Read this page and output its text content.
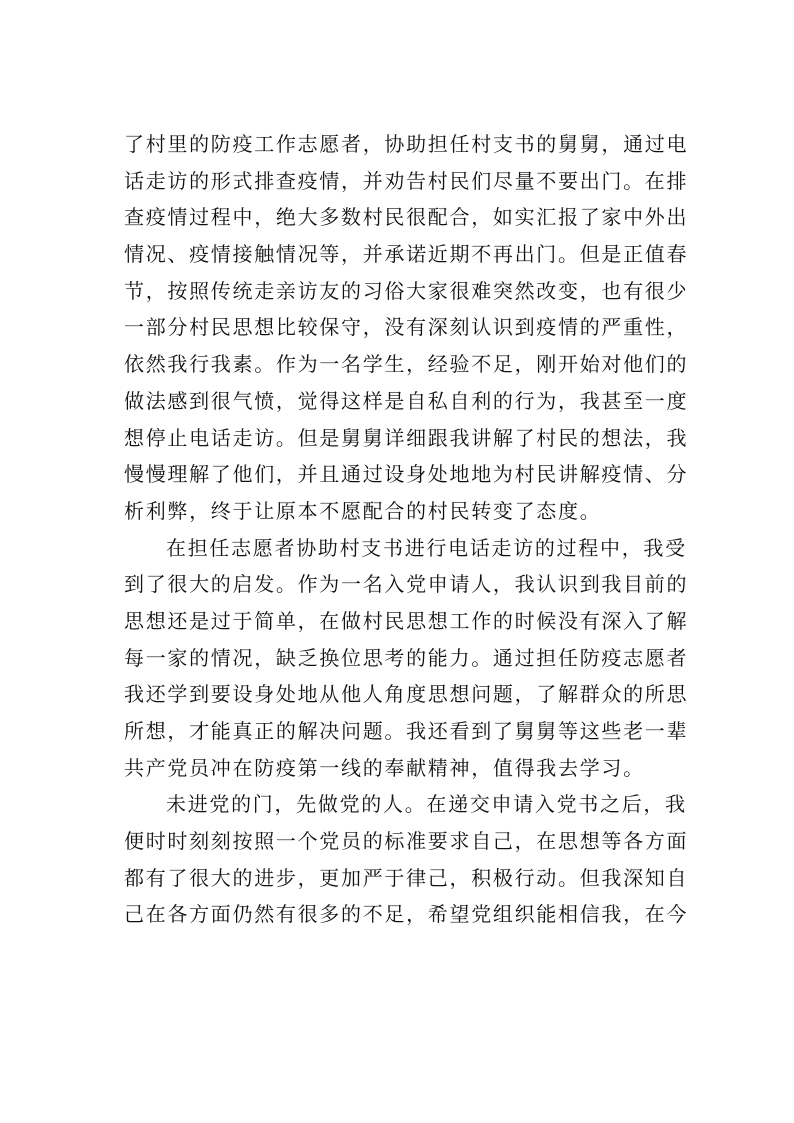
了村里的防疫工作志愿者，协助担任村支书的舅舅，通过电
话走访的形式排查疫情，并劝告村民们尽量不要出门。在排
查疫情过程中，绝大多数村民很配合，如实汇报了家中外出
情况、疫情接触情况等，并承诺近期不再出门。但是正值春
节，按照传统走亲访友的习俗大家很难突然改变，也有很少
一部分村民思想比较保守，没有深刻认识到疫情的严重性，
依然我行我素。作为一名学生，经验不足，刚开始对他们的
做法感到很气愤，觉得这样是自私自利的行为，我甚至一度
想停止电话走访。但是舅舅详细跟我讲解了村民的想法，我
慢慢理解了他们，并且通过设身处地地为村民讲解疫情、分
析利弊，终于让原本不愿配合的村民转变了态度。
在担任志愿者协助村支书进行电话走访的过程中，我受
到了很大的启发。作为一名入党申请人，我认识到我目前的
思想还是过于简单，在做村民思想工作的时候没有深入了解
每一家的情况，缺乏换位思考的能力。通过担任防疫志愿者
我还学到要设身处地从他人角度思想问题，了解群众的所思
所想，才能真正的解决问题。我还看到了舅舅等这些老一辈
共产党员冲在防疫第一线的奉献精神，值得我去学习。
未进党的门，先做党的人。在递交申请入党书之后，我
便时时刻刻按照一个党员的标准要求自己，在思想等各方面
都有了很大的进步，更加严于律己，积极行动。但我深知自
己在各方面仍然有很多的不足，希望党组织能相信我，在今
